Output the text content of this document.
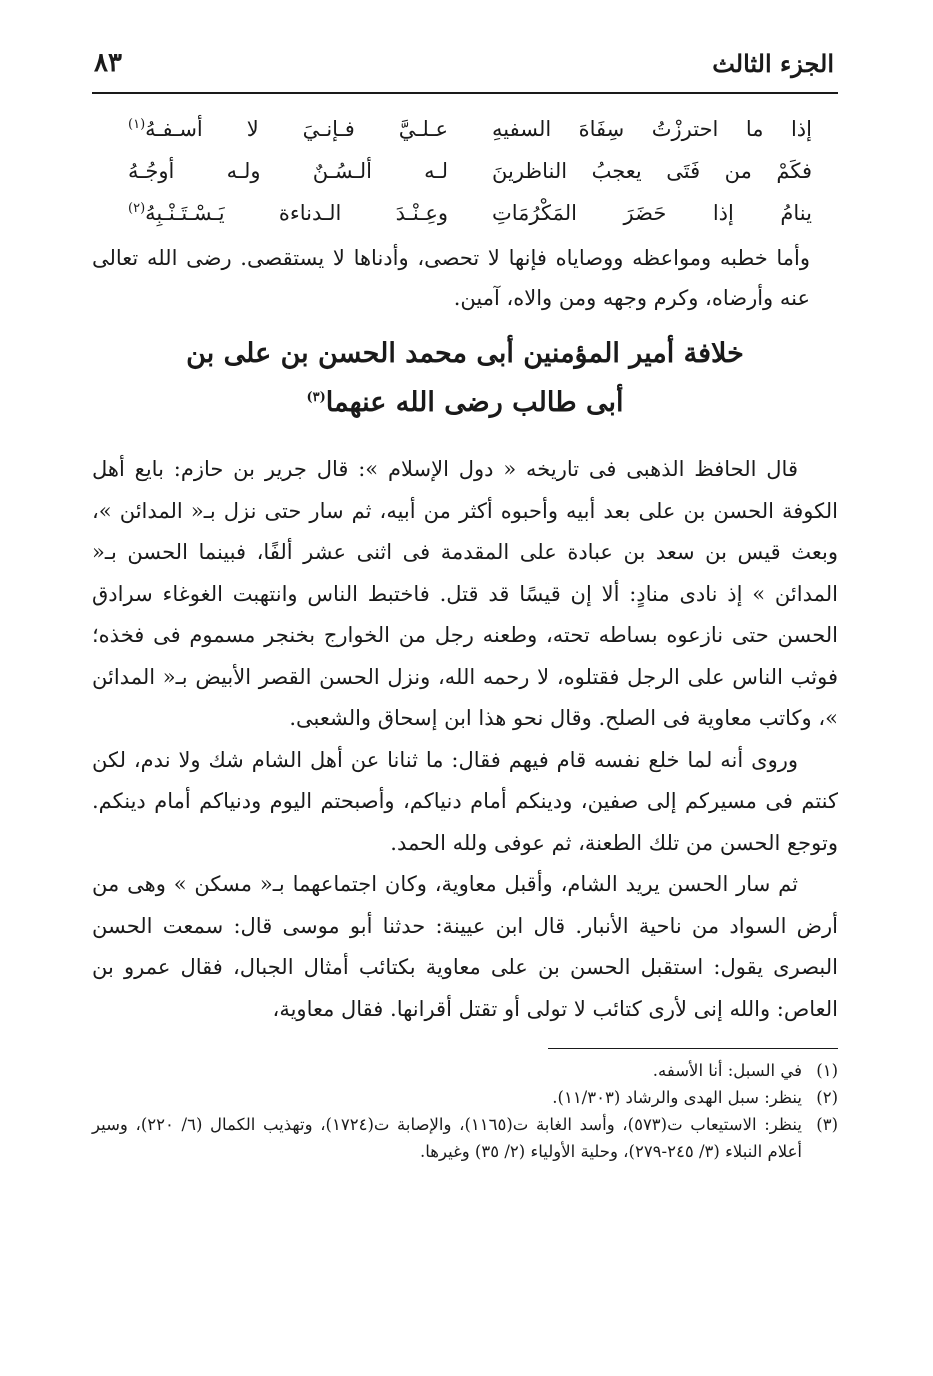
الجزء الثالث
٨٣
إذا ما احترزْتُ سِفَاهَ السفيهِ
عـلـيَّ فـإنـيَ لا أسـفـهُ$^{(١)}$
فكَمْ من فَتَى يعجبُ الناظرينَ
لـه ألـسُـنٌ ولـه أوجُـهُ
ينامُ إذا حَضَرَ المَكْرُمَاتِ
وعِـنْـدَ الـدناءة يَـسْـتَـنْـبِهُ$^{(٢)}$

وأما خطبه ومواعظه ووصاياه فإنها لا تحصى، وأدناها لا يستقصى. رضى الله تعالى عنه وأرضاه، وكرم وجهه ومن والاه، آمين.

خلافة أمير المؤمنين أبى محمد الحسن بن على بن
أبى طالب رضى الله عنهما$^{(٣)}$

قال الحافظ الذهبى فى تاريخه « دول الإسلام »: قال جرير بن حازم: بايع أهل الكوفة الحسن بن على بعد أبيه وأحبوه أكثر من أبيه، ثم سار حتى نزل بـ« المدائن »، وبعث قيس بن سعد بن عبادة على المقدمة فى اثنى عشر ألفًا، فبينما الحسن بـ« المدائن » إذ نادى منادٍ: ألا إن قيسًا قد قتل. فاختبط الناس وانتهبت الغوغاء سرادق الحسن حتى نازعوه بساطه تحته، وطعنه رجل من الخوارج بخنجر مسموم فى فخذه؛ فوثب الناس على الرجل فقتلوه، لا رحمه الله، ونزل الحسن القصر الأبيض بـ« المدائن »، وكاتب معاوية فى الصلح. وقال نحو هذا ابن إسحاق والشعبى.

وروى أنه لما خلع نفسه قام فيهم فقال: ما ثنانا عن أهل الشام شك ولا ندم، لكن كنتم فى مسيركم إلى صفين، ودينكم أمام دنياكم، وأصبحتم اليوم ودنياكم أمام دينكم. وتوجع الحسن من تلك الطعنة، ثم عوفى ولله الحمد.

ثم سار الحسن يريد الشام، وأقبل معاوية، وكان اجتماعهما بـ« مسكن » وهى من أرض السواد من ناحية الأنبار. قال ابن عيينة: حدثنا أبو موسى قال: سمعت الحسن البصرى يقول: استقبل الحسن بن على معاوية بكتائب أمثال الجبال، فقال عمرو بن العاص: والله إنى لأرى كتائب لا تولى أو تقتل أقرانها. فقال معاوية،

(١)
في السبل: أنا الأسفه.
(٢)
ينظر: سبل الهدى والرشاد (١١/٣٠٣).
(٣)
ينظر: الاستيعاب ت(٥٧٣)، وأسد الغابة ت(١١٦٥)، والإصابة ت(١٧٢٤)، وتهذيب الكمال (٦/ ٢٢٠)، وسير أعلام النبلاء (٣/ ٢٤٥-٢٧٩)، وحلية الأولياء (٢/ ٣٥) وغيرها.
